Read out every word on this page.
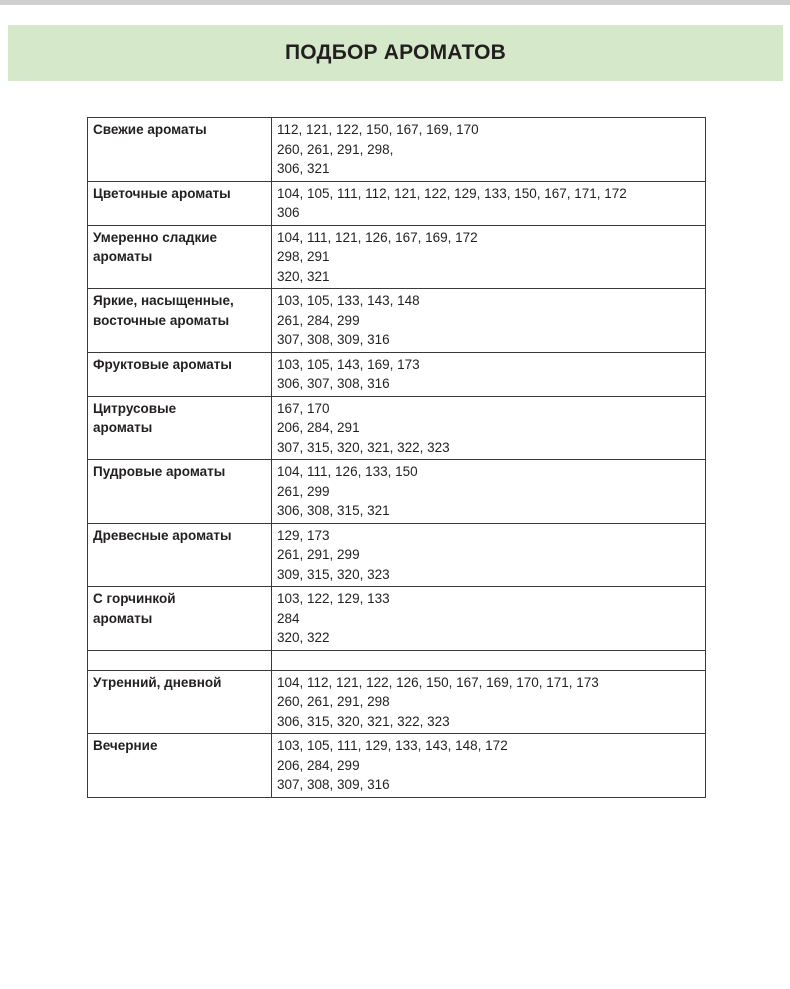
ПОДБОР АРОМАТОВ
Свежие ароматы	112, 121, 122, 150, 167, 169, 170
260, 261, 291, 298,
306, 321

Цветочные ароматы	104, 105, 111, 112, 121, 122, 129, 133, 150, 167, 171, 172
306

Умеренно сладкие
ароматы	104, 111, 121, 126, 167, 169, 172
298, 291
320, 321

Яркие, насыщенные,
восточные ароматы	103, 105, 133, 143, 148
261, 284, 299
307, 308, 309, 316

Фруктовые ароматы	103, 105, 143, 169, 173
306, 307, 308, 316

Цитрусовые
ароматы	167, 170
206, 284, 291
307, 315, 320, 321, 322, 323

Пудровые ароматы	104, 111, 126, 133, 150
261, 299
306, 308, 315, 321

Древесные ароматы	129, 173
261, 291, 299
309, 315, 320, 323

С горчинкой
ароматы	103, 122, 129, 133
284
320, 322

Утренний, дневной	104, 112, 121, 122, 126, 150, 167, 169, 170, 171, 173
260, 261, 291, 298
306, 315, 320, 321, 322, 323

Вечерние	103, 105, 111, 129, 133, 143, 148, 172
206, 284, 299
307, 308, 309, 316
